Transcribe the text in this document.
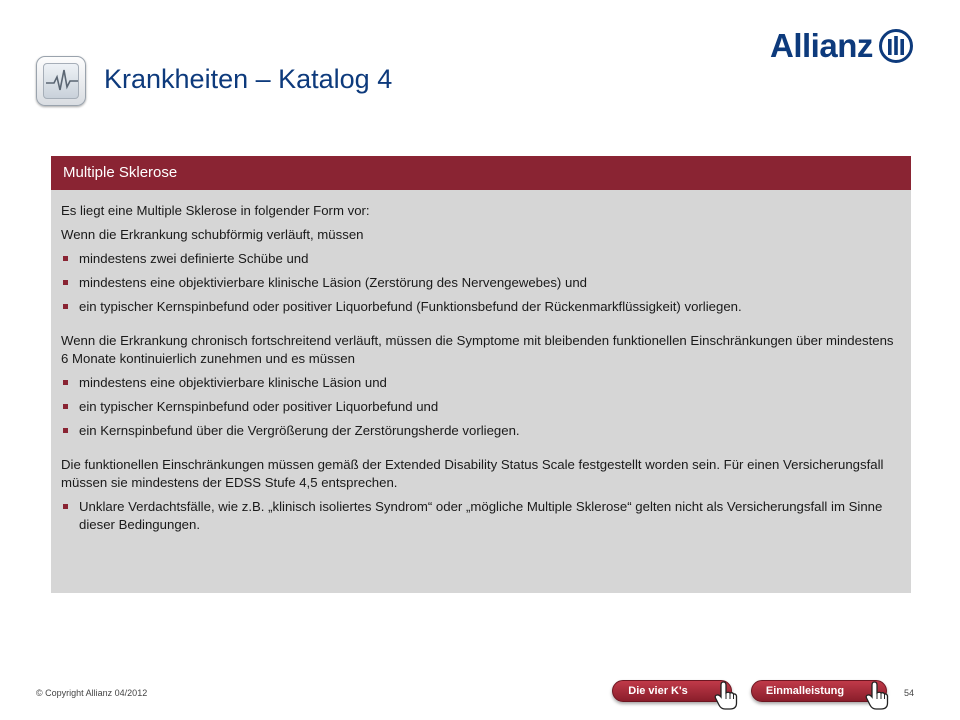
Krankheiten – Katalog 4
Allianz
Multiple Sklerose

Es liegt eine Multiple Sklerose in folgender Form vor:

Wenn die Erkrankung schubförmig verläuft, müssen

mindestens zwei definierte Schübe und
mindestens eine objektivierbare klinische Läsion (Zerstörung des Nervengewebes) und
ein typischer Kernspinbefund oder positiver Liquorbefund (Funktionsbefund der Rückenmarkflüssigkeit) vorliegen.

Wenn die Erkrankung chronisch fortschreitend verläuft, müssen die Symptome mit bleibenden funktionellen Einschränkungen über mindestens 6 Monate kontinuierlich zunehmen und es müssen

mindestens eine objektivierbare klinische Läsion und
ein typischer Kernspinbefund oder positiver Liquorbefund und
ein Kernspinbefund über die Vergrößerung der Zerstörungsherde vorliegen.

Die funktionellen Einschränkungen müssen gemäß der Extended Disability Status Scale festgestellt worden sein. Für einen Versicherungsfall müssen sie mindestens der EDSS Stufe 4,5 entsprechen.

Unklare Verdachtsfälle, wie z.B. „klinisch isoliertes Syndrom“ oder „mögliche Multiple Sklerose“ gelten nicht als Versicherungsfall im Sinne dieser Bedingungen.
© Copyright Allianz 04/2012	54
Die vier K's	Einmalleistung
